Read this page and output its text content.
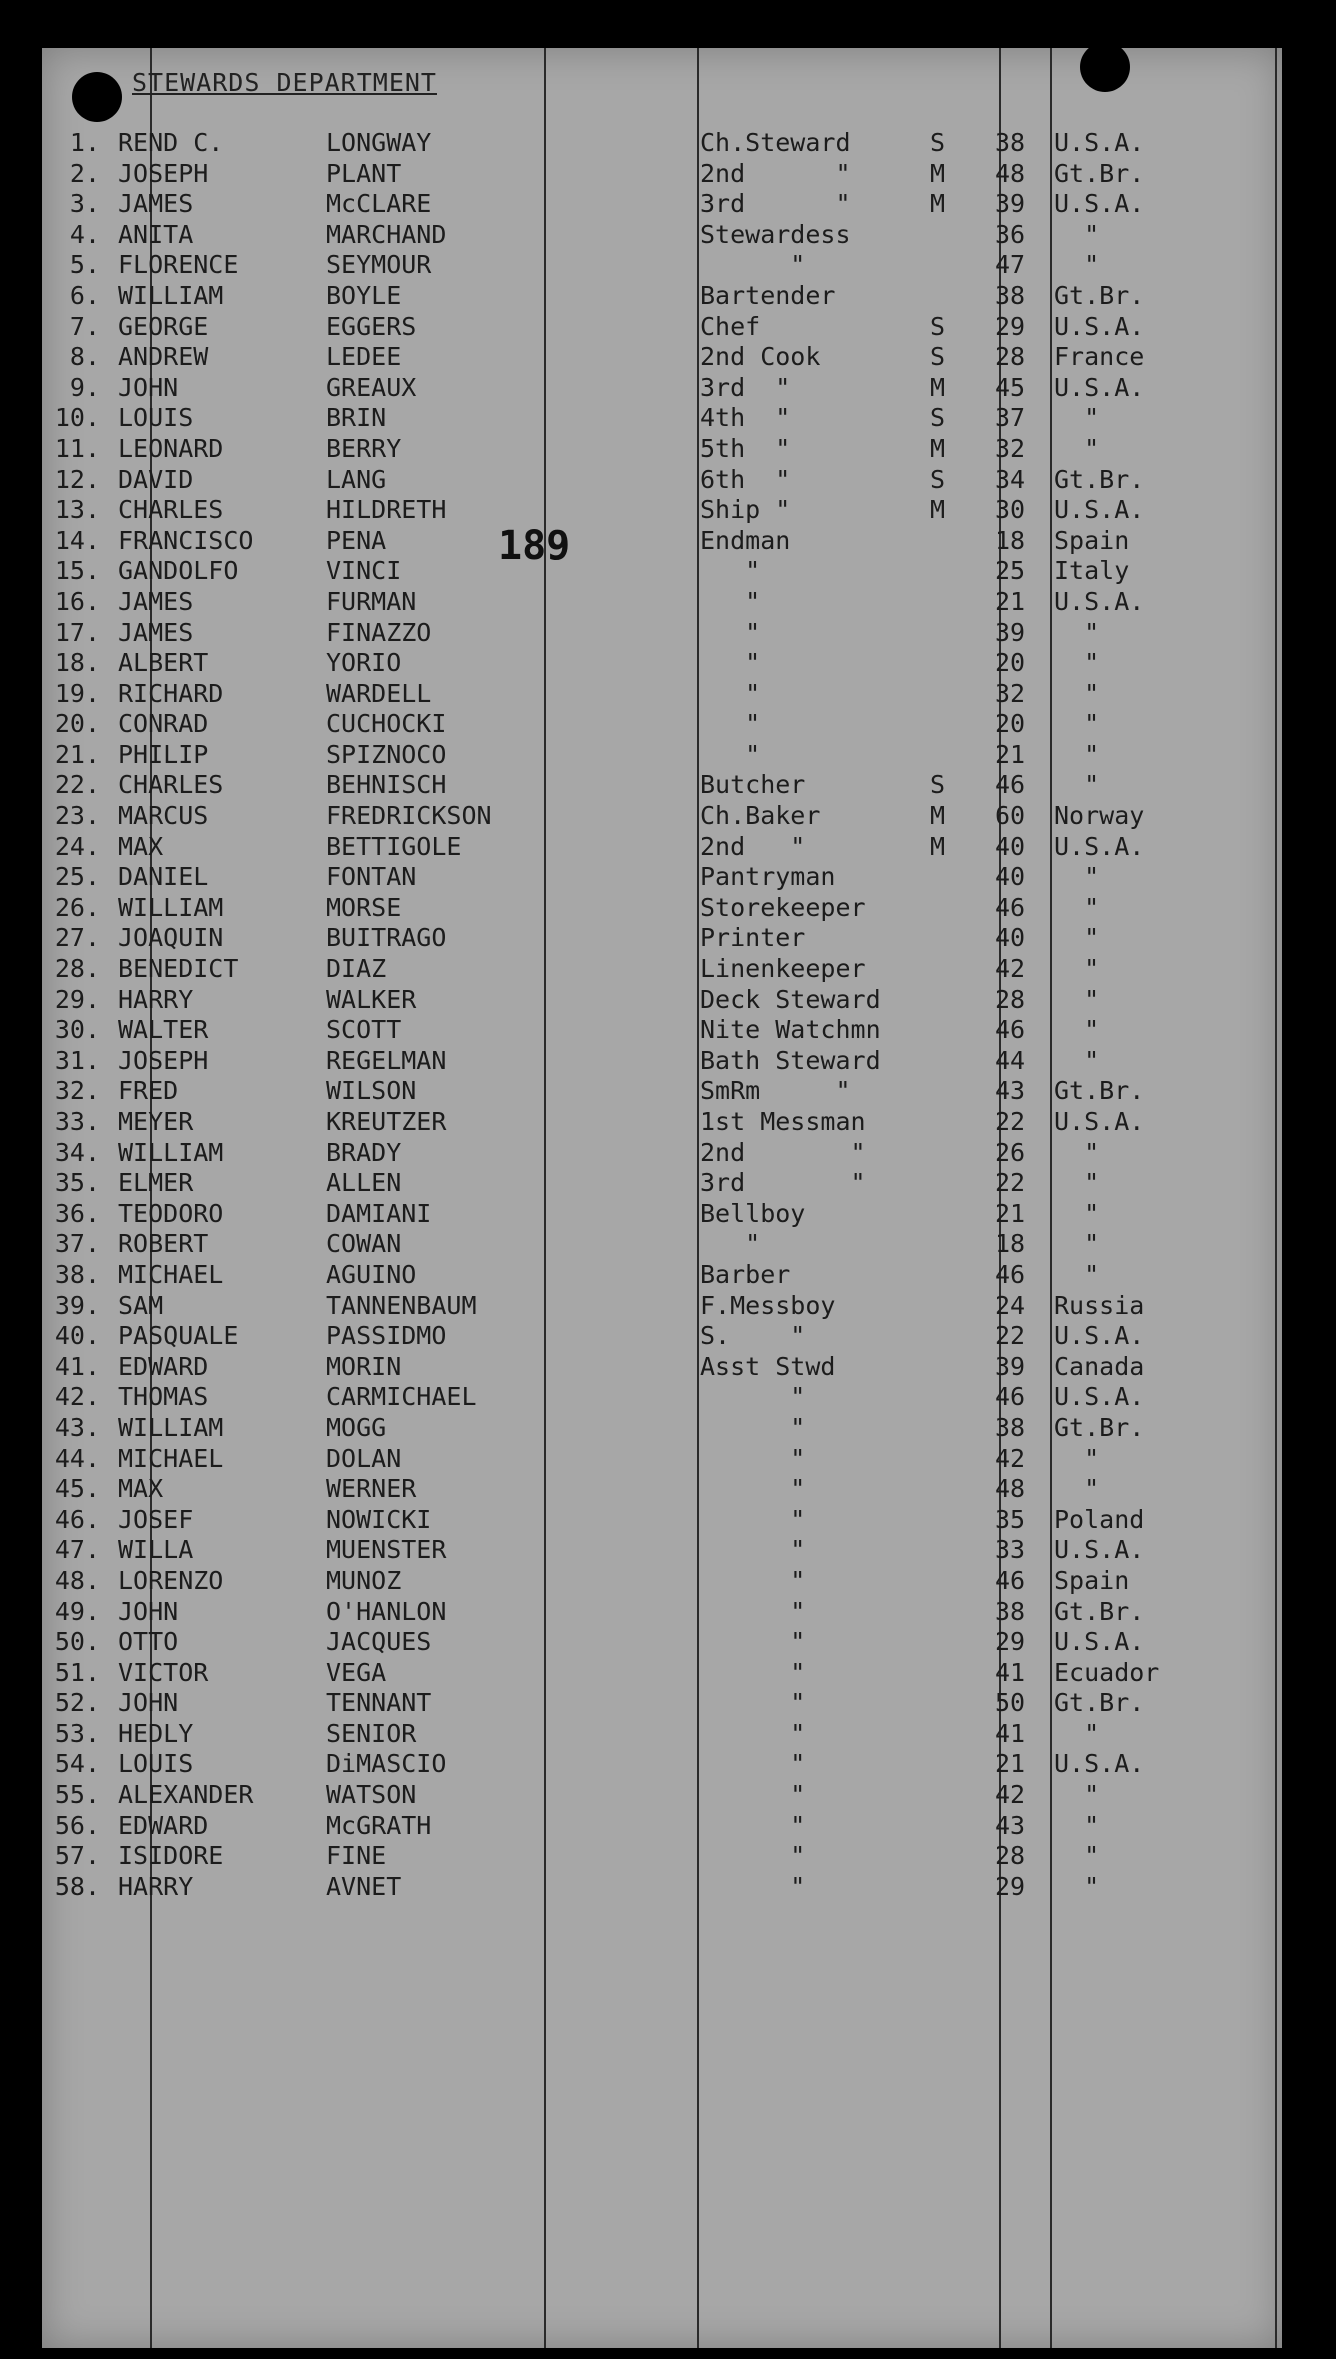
STEWARDS DEPARTMENT
189
1. REND C.	LONGWAY	Ch.Steward	S 38 U.S.A.
2. JOSEPH	PLANT	2nd      "	M 48 Gt.Br.
3. JAMES	McCLARE	3rd      "	M 39 U.S.A.
4. ANITA	MARCHAND	Stewardess	36 "
5. FLORENCE	SEYMOUR	"	47 "
6. WILLIAM	BOYLE	Bartender	38 Gt.Br.
7. GEORGE	EGGERS	Chef	S 29 U.S.A.
8. ANDREW	LEDEE	2nd Cook	S 28 France
9. JOHN	GREAUX	3rd  "	M 45 U.S.A.
10. LOUIS	BRIN	4th  "	S 37 "
11. LEONARD	BERRY	5th  "	M 32 "
12. DAVID	LANG	6th  "	S 34 Gt.Br.
13. CHARLES	HILDRETH	Ship "	M 30 U.S.A.
14. FRANCISCO	PENA	Endman	18 Spain
15. GANDOLFO	VINCI	"	25 Italy
16. JAMES	FURMAN	"	21 U.S.A.
17. JAMES	FINAZZO	"	39 "
18. ALBERT	YORIO	"	20 "
19. RICHARD	WARDELL	"	32 "
20. CONRAD	CUCHOCKI	"	20 "
21. PHILIP	SPIZNOCO	"	21 "
22. CHARLES	BEHNISCH	Butcher	S 46 "
23. MARCUS	FREDRICKSON	Ch.Baker	M 60 Norway
24. MAX	BETTIGOLE	2nd   "	M 40 U.S.A.
25. DANIEL	FONTAN	Pantryman	40 "
26. WILLIAM	MORSE	Storekeeper	46 "
27. JOAQUIN	BUITRAGO	Printer	40 "
28. BENEDICT	DIAZ	Linenkeeper	42 "
29. HARRY	WALKER	Deck Steward	28 "
30. WALTER	SCOTT	Nite Watchmn	46 "
31. JOSEPH	REGELMAN	Bath Steward	44 "
32. FRED	WILSON	SmRm     "	43 Gt.Br.
33. MEYER	KREUTZER	1st Messman	22 U.S.A.
34. WILLIAM	BRADY	2nd       "	26 "
35. ELMER	ALLEN	3rd       "	22 "
36. TEODORO	DAMIANI	Bellboy	21 "
37. ROBERT	COWAN	"	18 "
38. MICHAEL	AGUINO	Barber	46 "
39. SAM	TANNENBAUM	F.Messboy	24 Russia
40. PASQUALE	PASSIDMO	S.    "	22 U.S.A.
41. EDWARD	MORIN	Asst Stwd	39 Canada
42. THOMAS	CARMICHAEL	"	46 U.S.A.
43. WILLIAM	MOGG	"	38 Gt.Br.
44. MICHAEL	DOLAN	"	42 "
45. MAX	WERNER	"	48 "
46. JOSEF	NOWICKI	"	35 Poland
47. WILLA	MUENSTER	"	33 U.S.A.
48. LORENZO	MUNOZ	"	46 Spain
49. JOHN	O'HANLON	"	38 Gt.Br.
50. OTTO	JACQUES	"	29 U.S.A.
51. VICTOR	VEGA	"	41 Ecuador
52. JOHN	TENNANT	"	50 Gt.Br.
53. HEDLY	SENIOR	"	41 "
54. LOUIS	DiMASCIO	"	21 U.S.A.
55. ALEXANDER	WATSON	"	42 "
56. EDWARD	McGRATH	"	43 "
57. ISIDORE	FINE	"	28 "
58. HARRY	AVNET	"	29 "
